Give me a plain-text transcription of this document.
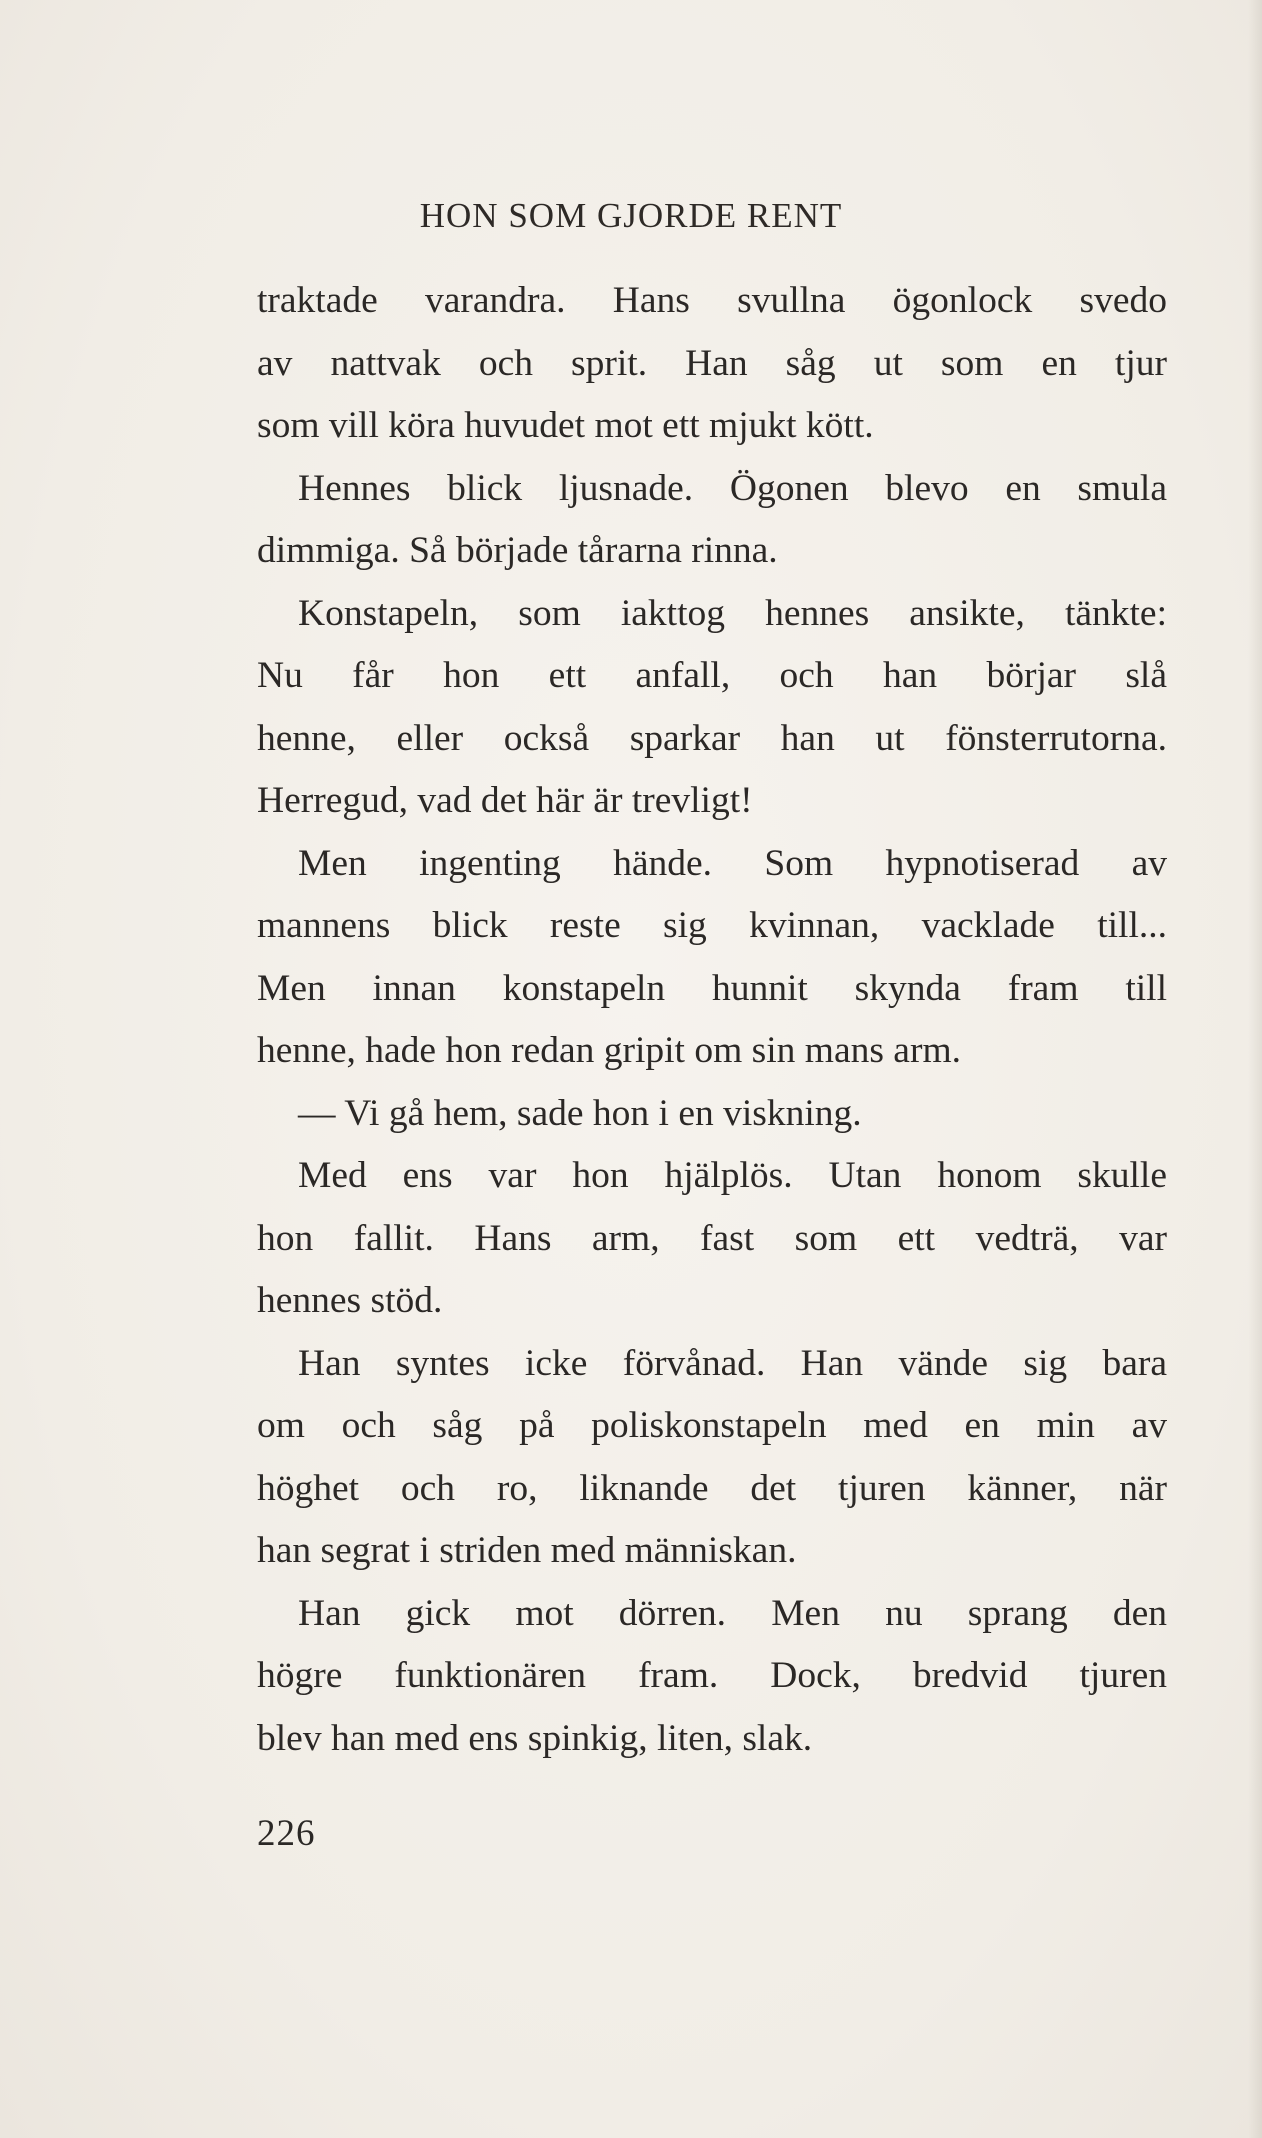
HON SOM GJORDE RENT
traktade varandra. Hans svullna ögonlock svedo
av nattvak och sprit. Han såg ut som en tjur
som vill köra huvudet mot ett mjukt kött.
Hennes blick ljusnade. Ögonen blevo en smula
dimmiga. Så började tårarna rinna.
Konstapeln, som iakttog hennes ansikte, tänkte:
Nu får hon ett anfall, och han börjar slå
henne, eller också sparkar han ut fönsterrutorna.
Herregud, vad det här är trevligt!
Men ingenting hände. Som hypnotiserad av
mannens blick reste sig kvinnan, vacklade till...
Men innan konstapeln hunnit skynda fram till
henne, hade hon redan gripit om sin mans arm.
— Vi gå hem, sade hon i en viskning.
Med ens var hon hjälplös. Utan honom skulle
hon fallit. Hans arm, fast som ett vedträ, var
hennes stöd.
Han syntes icke förvånad. Han vände sig bara
om och såg på poliskonstapeln med en min av
höghet och ro, liknande det tjuren känner, när
han segrat i striden med människan.
Han gick mot dörren. Men nu sprang den
högre funktionären fram. Dock, bredvid tjuren
blev han med ens spinkig, liten, slak.
226
